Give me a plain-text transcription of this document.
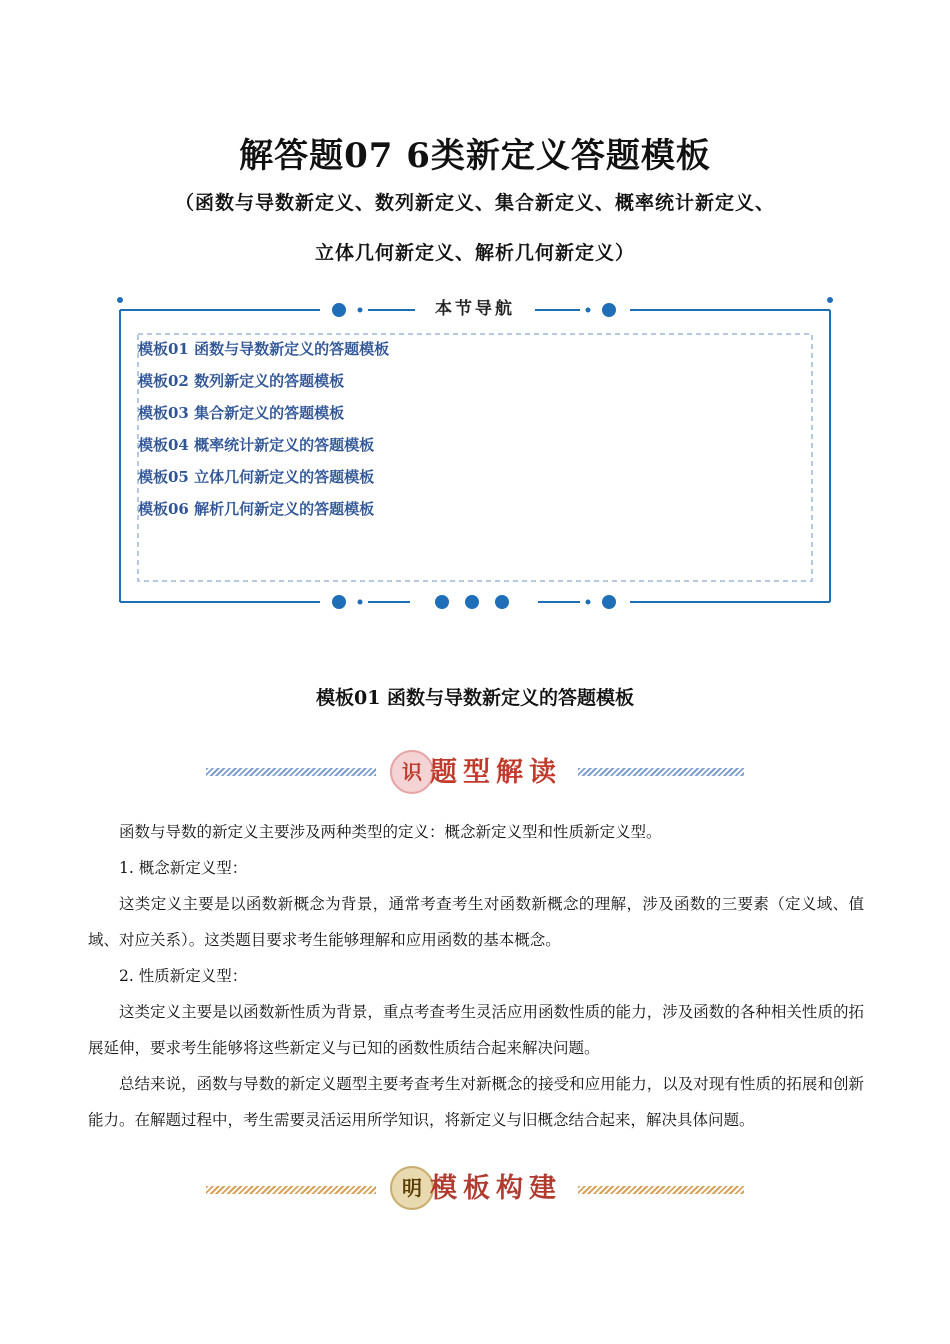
解答题07 6类新定义答题模板
（函数与导数新定义、数列新定义、集合新定义、概率统计新定义、
立体几何新定义、解析几何新定义）
本节导航
模板01 函数与导数新定义的答题模板
模板02 数列新定义的答题模板
模板03 集合新定义的答题模板
模板04 概率统计新定义的答题模板
模板05 立体几何新定义的答题模板
模板06 解析几何新定义的答题模板
模板01 函数与导数新定义的答题模板
识 题型解读

函数与导数的新定义主要涉及两种类型的定义：概念新定义型和性质新定义型。

1. 概念新定义型：

这类定义主要是以函数新概念为背景，通常考查考生对函数新概念的理解，涉及函数的三要素（定义域、值域、对应关系）。这类题目要求考生能够理解和应用函数的基本概念。

2. 性质新定义型：

这类定义主要是以函数新性质为背景，重点考查考生灵活应用函数性质的能力，涉及函数的各种相关性质的拓展延伸，要求考生能够将这些新定义与已知的函数性质结合起来解决问题。

总结来说，函数与导数的新定义题型主要考查考生对新概念的接受和应用能力，以及对现有性质的拓展和创新能力。在解题过程中，考生需要灵活运用所学知识，将新定义与旧概念结合起来，解决具体问题。

明 模板构建
